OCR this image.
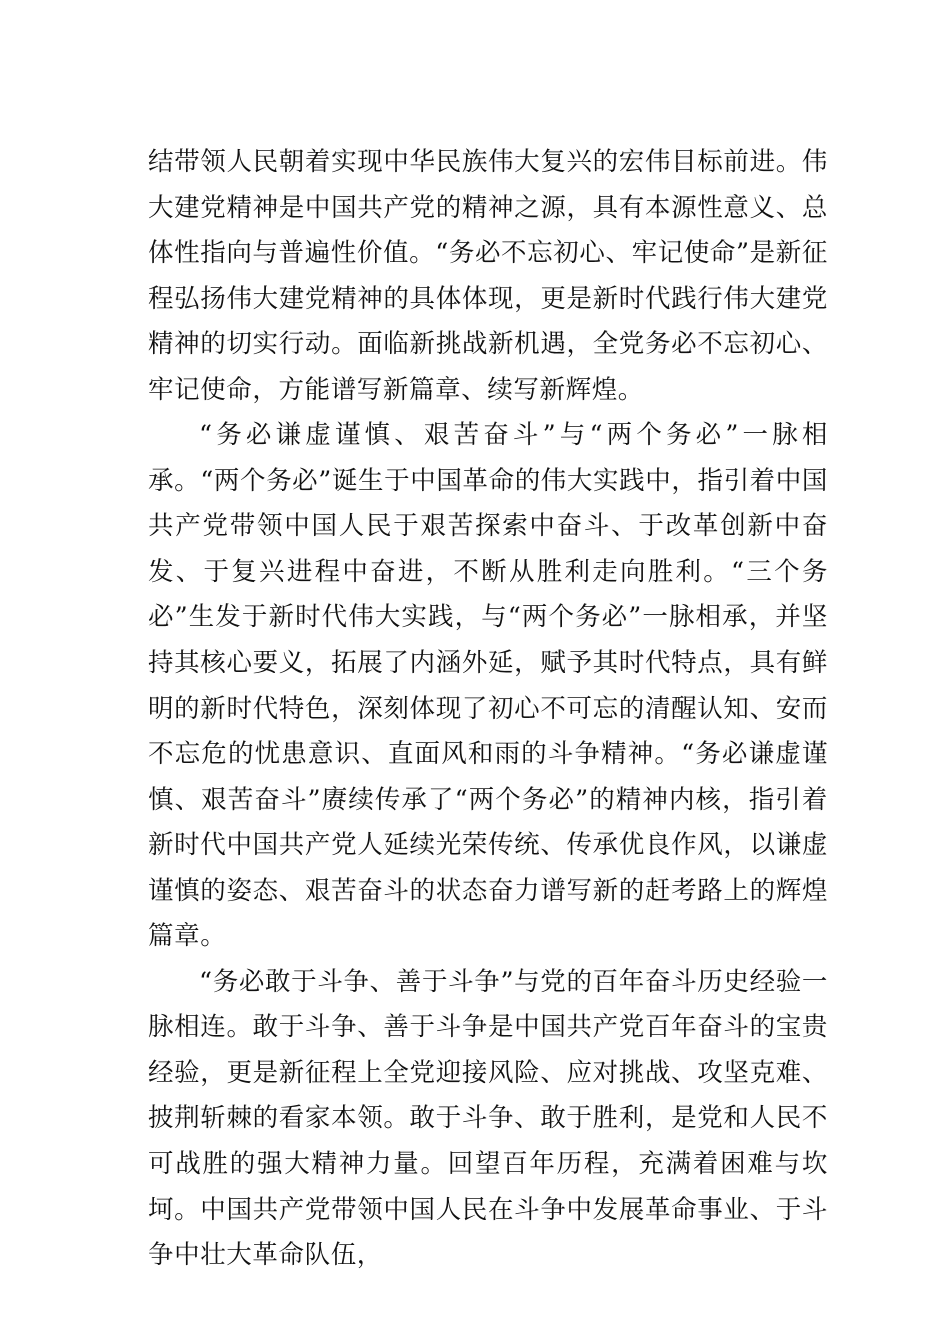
结带领人民朝着实现中华民族伟大复兴的宏伟目标前进。伟大建党精神是中国共产党的精神之源，具有本源性意义、总体性指向与普遍性价值。“务必不忘初心、牢记使命”是新征程弘扬伟大建党精神的具体体现，更是新时代践行伟大建党精神的切实行动。面临新挑战新机遇，全党务必不忘初心、牢记使命，方能谱写新篇章、续写新辉煌。

“务必谦虚谨慎、艰苦奋斗”与“两个务必”一脉相承。“两个务必”诞生于中国革命的伟大实践中，指引着中国共产党带领中国人民于艰苦探索中奋斗、于改革创新中奋发、于复兴进程中奋进，不断从胜利走向胜利。“三个务必”生发于新时代伟大实践，与“两个务必”一脉相承，并坚持其核心要义，拓展了内涵外延，赋予其时代特点，具有鲜明的新时代特色，深刻体现了初心不可忘的清醒认知、安而不忘危的忧患意识、直面风和雨的斗争精神。“务必谦虚谨慎、艰苦奋斗”赓续传承了“两个务必”的精神内核，指引着新时代中国共产党人延续光荣传统、传承优良作风，以谦虚谨慎的姿态、艰苦奋斗的状态奋力谱写新的赶考路上的辉煌篇章。

“务必敢于斗争、善于斗争”与党的百年奋斗历史经验一脉相连。敢于斗争、善于斗争是中国共产党百年奋斗的宝贵经验，更是新征程上全党迎接风险、应对挑战、攻坚克难、披荆斩棘的看家本领。敢于斗争、敢于胜利，是党和人民不可战胜的强大精神力量。回望百年历程，充满着困难与坎坷。中国共产党带领中国人民在斗争中发展革命事业、于斗争中壮大革命队伍，
